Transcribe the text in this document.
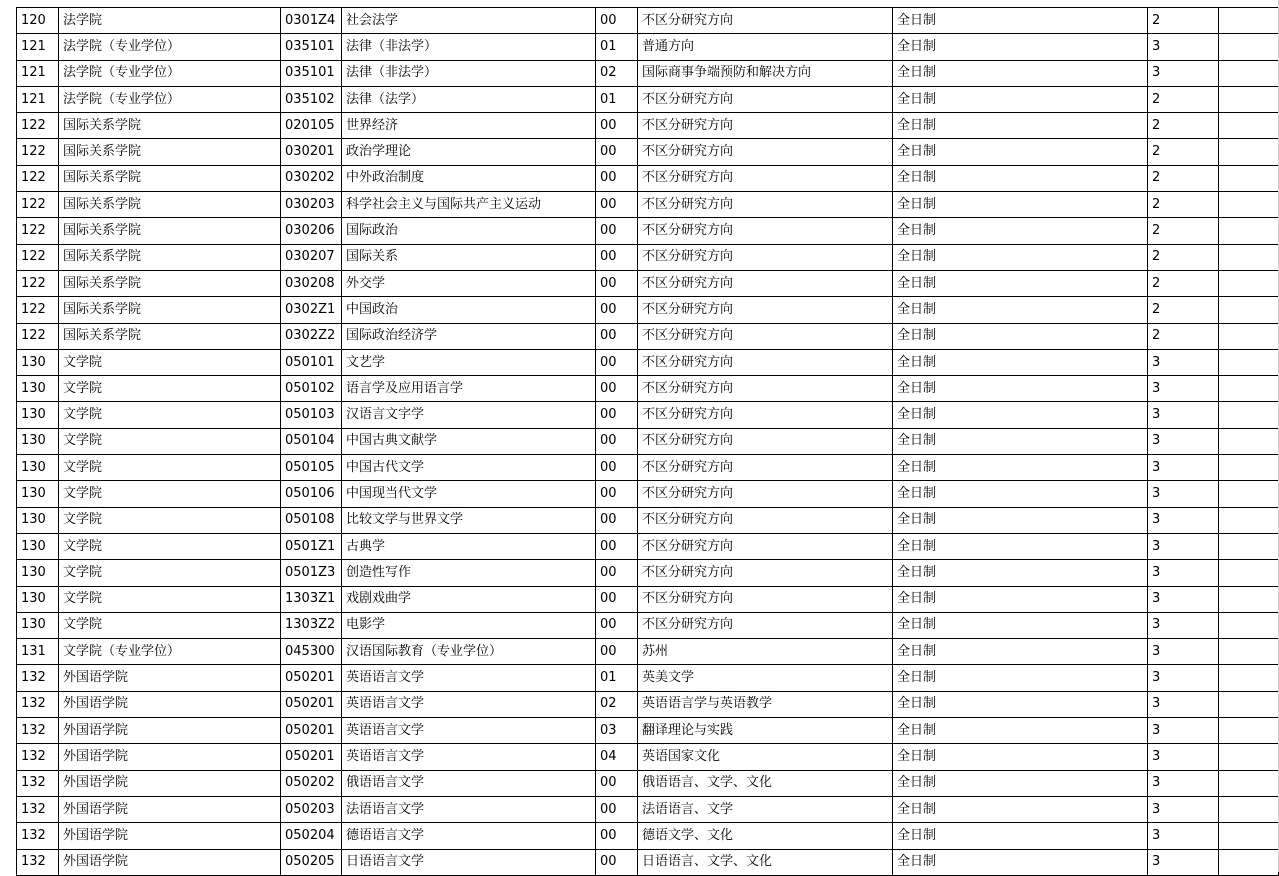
120	法学院	0301Z4	社会法学	00	不区分研究方向	全日制	2	
121	法学院（专业学位）	035101	法律（非法学）	01	普通方向	全日制	3	
121	法学院（专业学位）	035101	法律（非法学）	02	国际商事争端预防和解决方向	全日制	3	
121	法学院（专业学位）	035102	法律（法学）	01	不区分研究方向	全日制	2	
122	国际关系学院	020105	世界经济	00	不区分研究方向	全日制	2	
122	国际关系学院	030201	政治学理论	00	不区分研究方向	全日制	2	
122	国际关系学院	030202	中外政治制度	00	不区分研究方向	全日制	2	
122	国际关系学院	030203	科学社会主义与国际共产主义运动	00	不区分研究方向	全日制	2	
122	国际关系学院	030206	国际政治	00	不区分研究方向	全日制	2	
122	国际关系学院	030207	国际关系	00	不区分研究方向	全日制	2	
122	国际关系学院	030208	外交学	00	不区分研究方向	全日制	2	
122	国际关系学院	0302Z1	中国政治	00	不区分研究方向	全日制	2	
122	国际关系学院	0302Z2	国际政治经济学	00	不区分研究方向	全日制	2	
130	文学院	050101	文艺学	00	不区分研究方向	全日制	3	
130	文学院	050102	语言学及应用语言学	00	不区分研究方向	全日制	3	
130	文学院	050103	汉语言文字学	00	不区分研究方向	全日制	3	
130	文学院	050104	中国古典文献学	00	不区分研究方向	全日制	3	
130	文学院	050105	中国古代文学	00	不区分研究方向	全日制	3	
130	文学院	050106	中国现当代文学	00	不区分研究方向	全日制	3	
130	文学院	050108	比较文学与世界文学	00	不区分研究方向	全日制	3	
130	文学院	0501Z1	古典学	00	不区分研究方向	全日制	3	
130	文学院	0501Z3	创造性写作	00	不区分研究方向	全日制	3	
130	文学院	1303Z1	戏剧戏曲学	00	不区分研究方向	全日制	3	
130	文学院	1303Z2	电影学	00	不区分研究方向	全日制	3	
131	文学院（专业学位）	045300	汉语国际教育（专业学位）	00	苏州	全日制	3	
132	外国语学院	050201	英语语言文学	01	英美文学	全日制	3	
132	外国语学院	050201	英语语言文学	02	英语语言学与英语教学	全日制	3	
132	外国语学院	050201	英语语言文学	03	翻译理论与实践	全日制	3	
132	外国语学院	050201	英语语言文学	04	英语国家文化	全日制	3	
132	外国语学院	050202	俄语语言文学	00	俄语语言、文学、文化	全日制	3	
132	外国语学院	050203	法语语言文学	00	法语语言、文学	全日制	3	
132	外国语学院	050204	德语语言文学	00	德语文学、文化	全日制	3	
132	外国语学院	050205	日语语言文学	00	日语语言、文学、文化	全日制	3	
